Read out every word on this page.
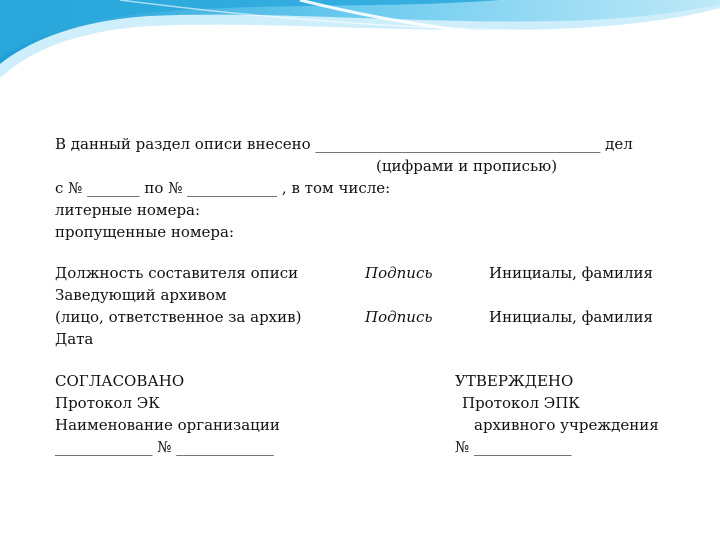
В данный раздел описи внесено ______________________________________ дел
(цифрами и прописью)
с № _______ по № ____________ , в том числе:
литерные номера:
пропущенные номера:
Должность составителя описи	Подпись	Инициалы, фамилия
Заведующий архивом
(лицо, ответственное за архив)	Подпись	Инициалы, фамилия
Дата
СОГЛАСОВАНО
Протокол ЭК
Наименование организации
_____________ № _____________
УТВЕРЖДЕНО
Протокол ЭПК
архивного учреждения
№ _____________
